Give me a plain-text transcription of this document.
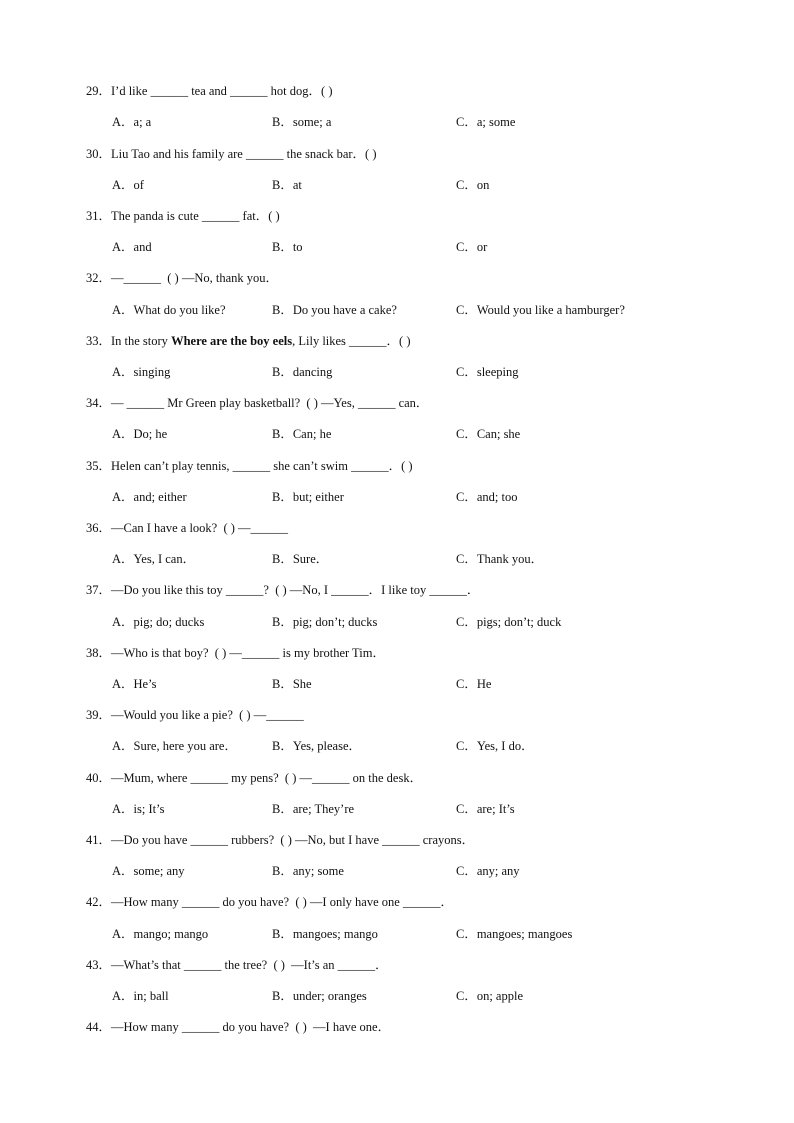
29．I’d like ______ tea and ______ hot dog．( )
A．a; a	B．some; a	C．a; some
30．Liu Tao and his family are ______ the snack bar．( )
A．of	B．at	C．on
31．The panda is cute ______ fat．( )
A．and	B．to	C．or
32．—______  ( ) —No, thank you．
A．What do you like?	B．Do you have a cake?	C．Would you like a hamburger?
33．In the story Where are the boy eels, Lily likes ______．( )
A．singing	B．dancing	C．sleeping
34．— ______ Mr Green play basketball?  ( ) —Yes, ______ can．
A．Do; he	B．Can; he	C．Can; she
35．Helen can’t play tennis, ______ she can’t swim ______．( )
A．and; either	B．but; either	C．and; too
36．—Can I have a look?  ( ) —______
A．Yes, I can．	B．Sure．	C．Thank you．
37．—Do you like this toy ______?  ( ) —No, I ______．I like toy ______．
A．pig; do; ducks	B．pig; don’t; ducks	C．pigs; don’t; duck
38．—Who is that boy?  ( ) —______ is my brother Tim．
A．He’s	B．She	C．He
39．—Would you like a pie?  ( ) —______
A．Sure, here you are．	B．Yes, please．	C．Yes, I do．
40．—Mum, where ______ my pens?  ( ) —______ on the desk．
A．is; It’s	B．are; They’re	C．are; It’s
41．—Do you have ______ rubbers?  ( ) —No, but I have ______ crayons．
A．some; any	B．any; some	C．any; any
42．—How many ______ do you have?  ( ) —I only have one ______．
A．mango; mango	B．mangoes; mango	C．mangoes; mangoes
43．—What’s that ______ the tree?  ( )  —It’s an ______．
A．in; ball	B．under; oranges	C．on; apple
44．—How many ______ do you have?  ( )  —I have one．
